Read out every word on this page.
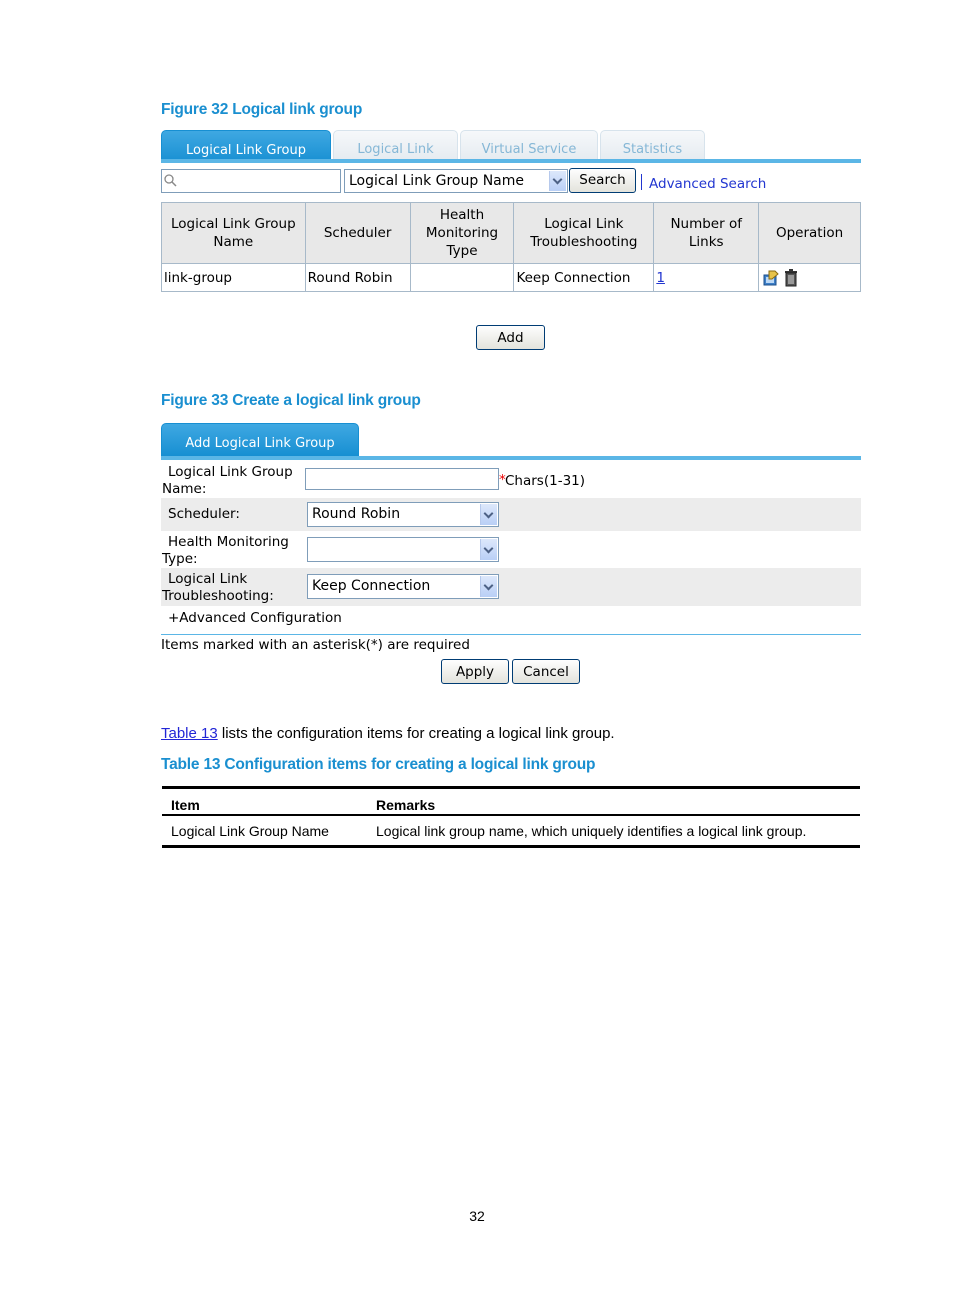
Figure 32 Logical link group
Logical Link Group	Logical Link	Virtual Service	Statistics
Logical Link Group Name	Search	Advanced Search
Logical Link Group Name	Scheduler	Health Monitoring Type	Logical Link Troubleshooting	Number of Links	Operation
link-group	Round Robin		Keep Connection	1	
Add
Figure 33 Create a logical link group
Add Logical Link Group
Logical Link Group
Name:
* Chars(1-31)
Scheduler:	Round Robin
Health Monitoring
Type:
Logical Link
Troubleshooting:
Keep Connection
+Advanced Configuration
Items marked with an asterisk(*) are required
Apply	Cancel
Table 13 lists the configuration items for creating a logical link group.
Table 13 Configuration items for creating a logical link group
Item	Remarks
Logical Link Group Name	Logical link group name, which uniquely identifies a logical link group.
32
